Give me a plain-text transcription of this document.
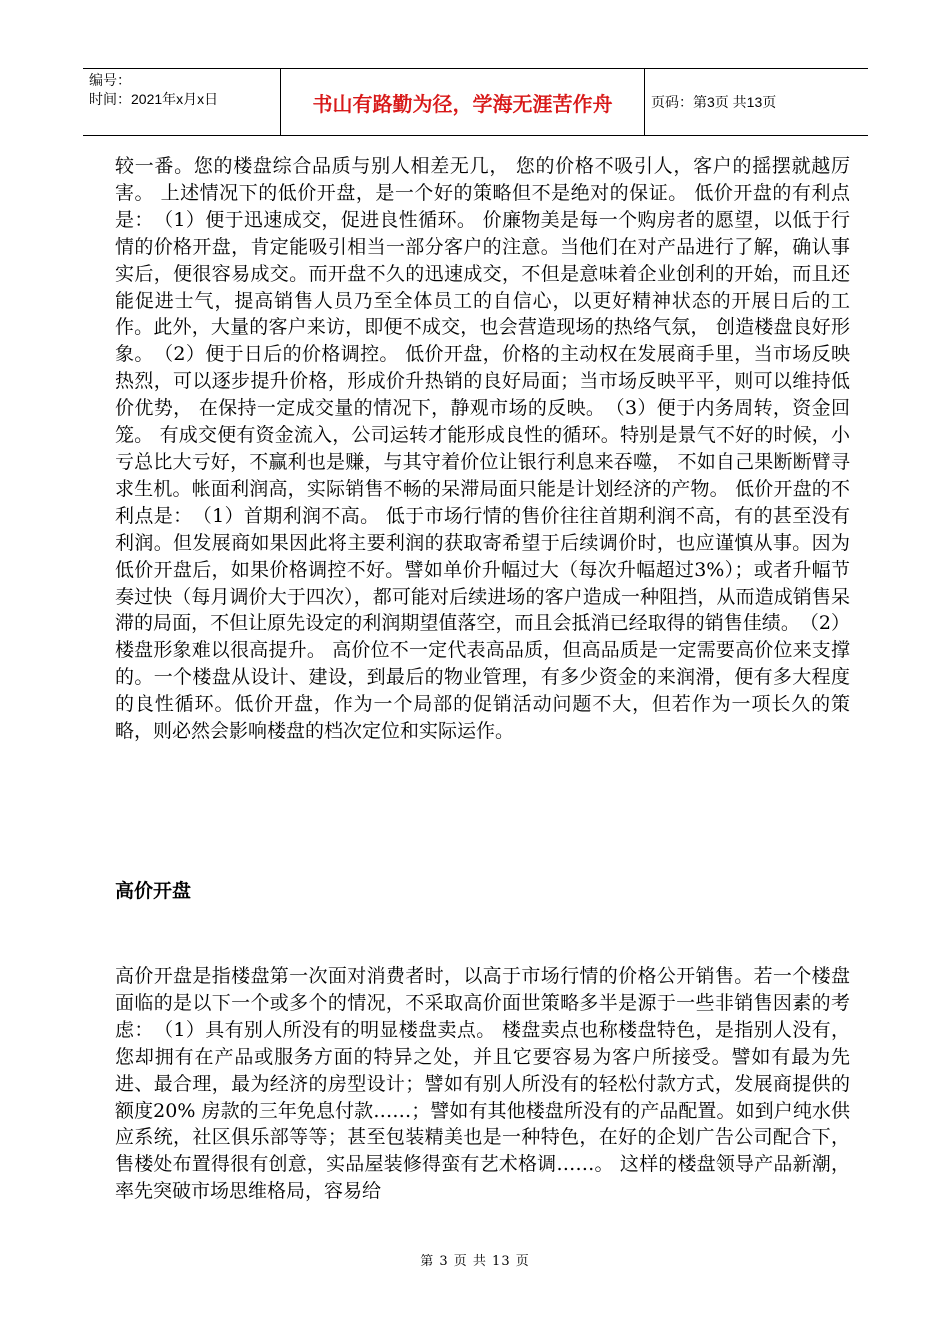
编号：
时间：2021年x月x日	书山有路勤为径，学海无涯苦作舟	页码：第3页 共13页

较一番。您的楼盘综合品质与别人相差无几， 您的价格不吸引人，客户的摇摆就越厉害。 上述情况下的低价开盘，是一个好的策略但不是绝对的保证。 低价开盘的有利点是：　（1）便于迅速成交，促进良性循环。 价廉物美是每一个购房者的愿望，以低于行情的价格开盘，肯定能吸引相当一部分客户的注意。当他们在对产品进行了解，确认事实后，便很容易成交。而开盘不久的迅速成交，不但是意味着企业创利的开始，而且还能促进士气，提高销售人员乃至全体员工的自信心，以更好精神状态的开展日后的工作。此外，大量的客户来访，即便不成交，也会营造现场的热络气氛， 创造楼盘良好形象。　（2）便于日后的价格调控。 低价开盘，价格的主动权在发展商手里，当市场反映热烈，可以逐步提升价格，形成价升热销的良好局面；当市场反映平平，则可以维持低价优势， 在保持一定成交量的情况下，静观市场的反映。　（3）便于内务周转，资金回笼。 有成交便有资金流入，公司运转才能形成良性的循环。特别是景气不好的时候，小亏总比大亏好，不赢利也是赚，与其守着价位让银行利息来吞噬， 不如自己果断断臂寻求生机。帐面利润高，实际销售不畅的呆滞局面只能是计划经济的产物。 低价开盘的不利点是：　（1）首期利润不高。 低于市场行情的售价往往首期利润不高，有的甚至没有利润。但发展商如果因此将主要利润的获取寄希望于后续调价时，也应谨慎从事。因为低价开盘后，如果价格调控不好。譬如单价升幅过大（每次升幅超过3%）；或者升幅节奏过快（每月调价大于四次），都可能对后续进场的客户造成一种阻挡，从而造成销售呆滞的局面，不但让原先设定的利润期望值落空，而且会抵消已经取得的销售佳绩。　（2）楼盘形象难以很高提升。 高价位不一定代表高品质，但高品质是一定需要高价位来支撑的。一个楼盘从设计、建设，到最后的物业管理，有多少资金的来润滑，便有多大程度的良性循环。低价开盘，作为一个局部的促销活动问题不大，但若作为一项长久的策略，则必然会影响楼盘的档次定位和实际运作。

高价开盘

高价开盘是指楼盘第一次面对消费者时，以高于市场行情的价格公开销售。若一个楼盘面临的是以下一个或多个的情况，不采取高价面世策略多半是源于一些非销售因素的考虑：　（1）具有别人所没有的明显楼盘卖点。 楼盘卖点也称楼盘特色，是指别人没有，您却拥有在产品或服务方面的特异之处，并且它要容易为客户所接受。譬如有最为先进、最合理，最为经济的房型设计；譬如有别人所没有的轻松付款方式，发展商提供的额度20% 房款的三年免息付款……；譬如有其他楼盘所没有的产品配置。如到户纯水供应系统，社区俱乐部等等；甚至包装精美也是一种特色，在好的企划广告公司配合下，售楼处布置得很有创意，实品屋装修得蛮有艺术格调……。 这样的楼盘领导产品新潮，率先突破市场思维格局，容易给

第 3 页 共 13 页
